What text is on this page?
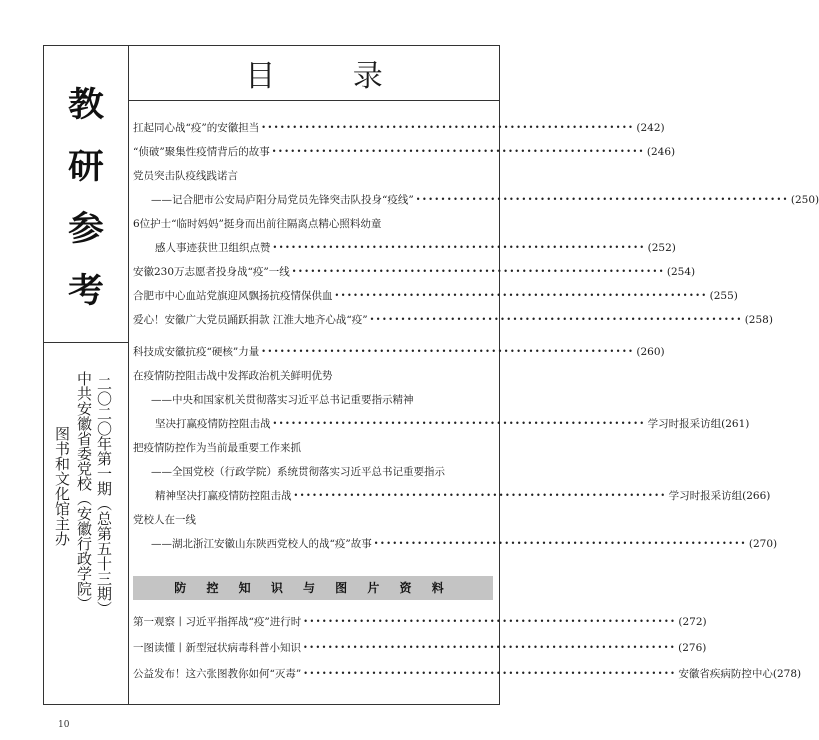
教
研
参
考
二〇二〇年第一期（总第五十三期）
中共安徽省委党校（安徽行政学院）
图书和文化馆主办
目 录
扛起同心战“疫”的安徽担当 •••••••••••••••••••••••••••••••••••••••••••••••••••••••••••• (242)
“侦破”聚集性疫情背后的故事 •••••••••••••••••••••••••••••••••••••••••••••••••••••••••••• (246)
党员突击队疫线践诺言
——记合肥市公安局庐阳分局党员先锋突击队投身“疫线” •••••••••••••••••••••••••••••••••••••••••••••••••••••••••••• (250)
6位护士“临时妈妈”挺身而出前往隔离点精心照料幼童
感人事迹获世卫组织点赞 •••••••••••••••••••••••••••••••••••••••••••••••••••••••••••• (252)
安徽230万志愿者投身战“疫”一线 •••••••••••••••••••••••••••••••••••••••••••••••••••••••••••• (254)
合肥市中心血站党旗迎风飘扬抗疫情保供血 •••••••••••••••••••••••••••••••••••••••••••••••••••••••••••• (255)
爱心！安徽广大党员踊跃捐款 江淮大地齐心战“疫” •••••••••••••••••••••••••••••••••••••••••••••••••••••••••••• (258)
科技成安徽抗疫“硬核”力量 •••••••••••••••••••••••••••••••••••••••••••••••••••••••••••• (260)
在疫情防控阻击战中发挥政治机关鲜明优势
——中央和国家机关贯彻落实习近平总书记重要指示精神
坚决打赢疫情防控阻击战 •••••••••••••••••••••••••••••••••••••••••••••••••••••••••••• 学习时报采访组 (261)
把疫情防控作为当前最重要工作来抓
——全国党校（行政学院）系统贯彻落实习近平总书记重要指示
精神坚决打赢疫情防控阻击战 •••••••••••••••••••••••••••••••••••••••••••••••••••••••••••• 学习时报采访组 (266)
党校人在一线
——湖北浙江安徽山东陕西党校人的战“疫”故事 •••••••••••••••••••••••••••••••••••••••••••••••••••••••••••• (270)
防 控 知 识 与 图 片 资 料
第一观察丨习近平指挥战“疫”进行时 •••••••••••••••••••••••••••••••••••••••••••••••••••••••••••• (272)
一图读懂丨新型冠状病毒科普小知识 •••••••••••••••••••••••••••••••••••••••••••••••••••••••••••• (276)
公益发布！这六张图教你如何“灭毒” •••••••••••••••••••••••••••••••••••••••••••••••••••••••••••• 安徽省疾病防控中心 (278)
10
